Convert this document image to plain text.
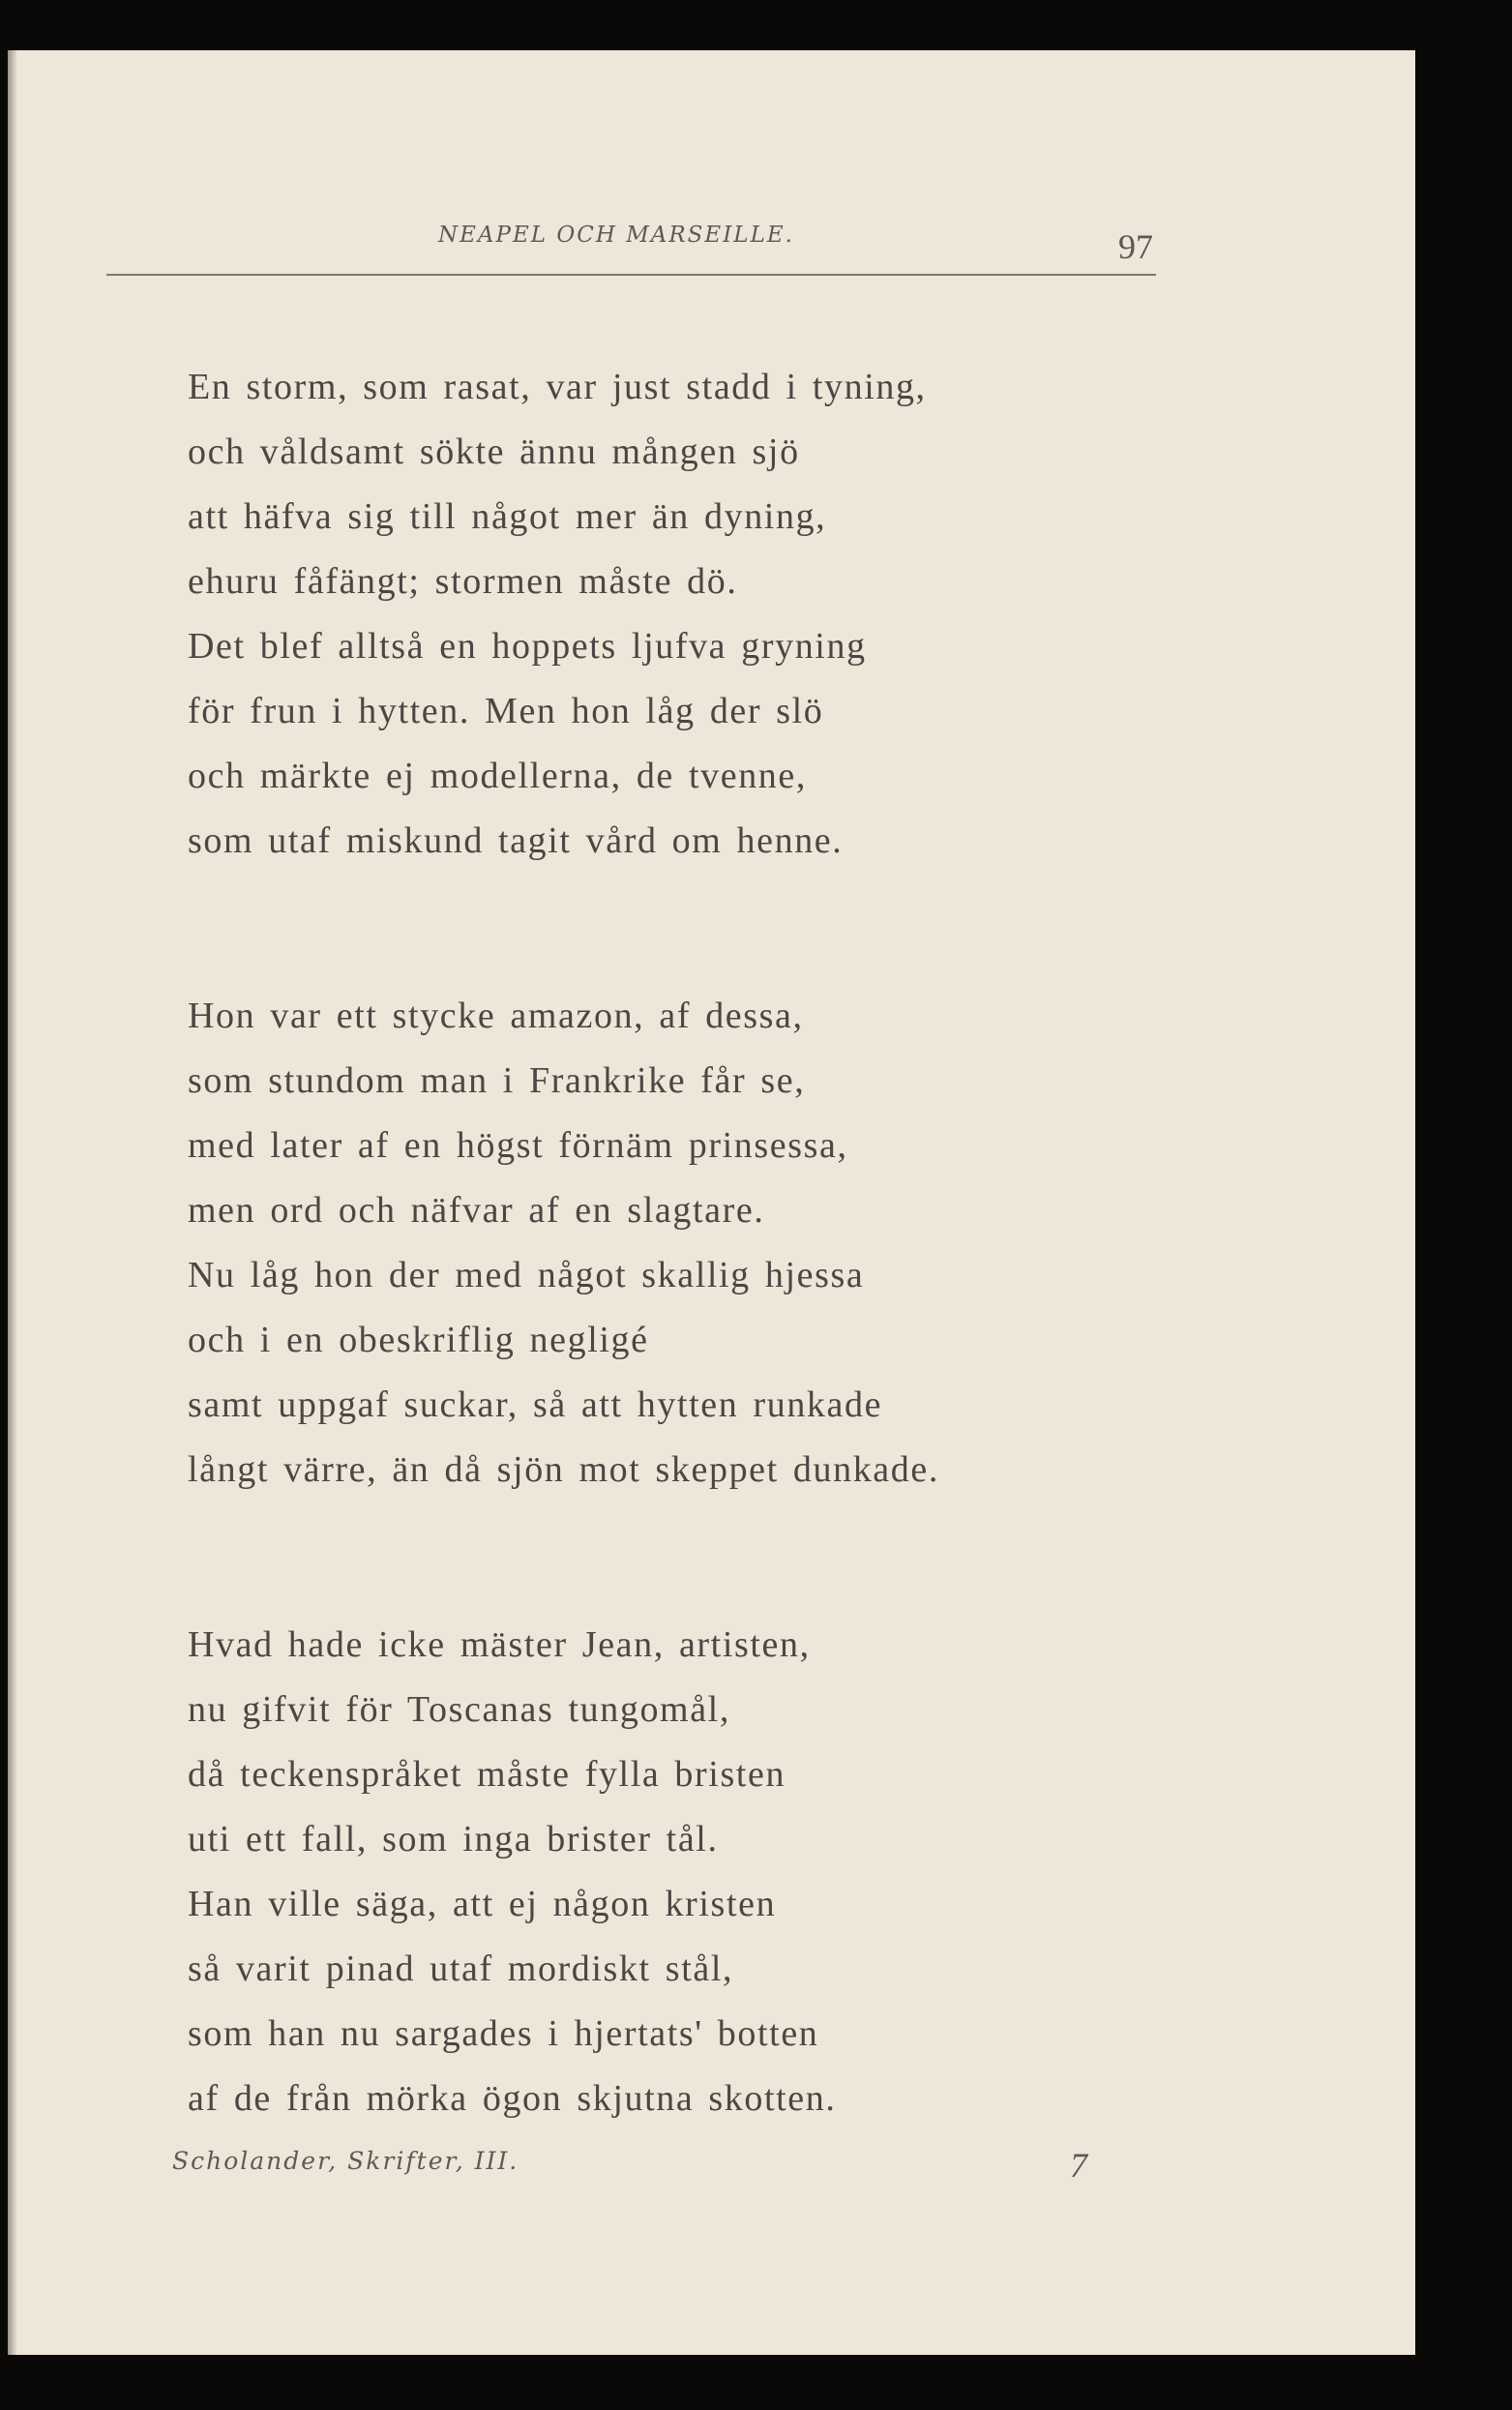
NEAPEL OCH MARSEILLE.	97
En storm, som rasat, var just stadd i tyning,
och våldsamt sökte ännu mången sjö
att häfva sig till något mer än dyning,
ehuru fåfängt; stormen måste dö.
Det blef alltså en hoppets ljufva gryning
för frun i hytten. Men hon låg der slö
och märkte ej modellerna, de tvenne,
som utaf miskund tagit vård om henne.
Hon var ett stycke amazon, af dessa,
som stundom man i Frankrike får se,
med later af en högst förnäm prinsessa,
men ord och näfvar af en slagtare.
Nu låg hon der med något skallig hjessa
och i en obeskriflig negligé
samt uppgaf suckar, så att hytten runkade
långt värre, än då sjön mot skeppet dunkade.
Hvad hade icke mäster Jean, artisten,
nu gifvit för Toscanas tungomål,
då teckenspråket måste fylla bristen
uti ett fall, som inga brister tål.
Han ville säga, att ej någon kristen
så varit pinad utaf mordiskt stål,
som han nu sargades i hjertats' botten
af de från mörka ögon skjutna skotten.
Scholander, Skrifter, III.	7
